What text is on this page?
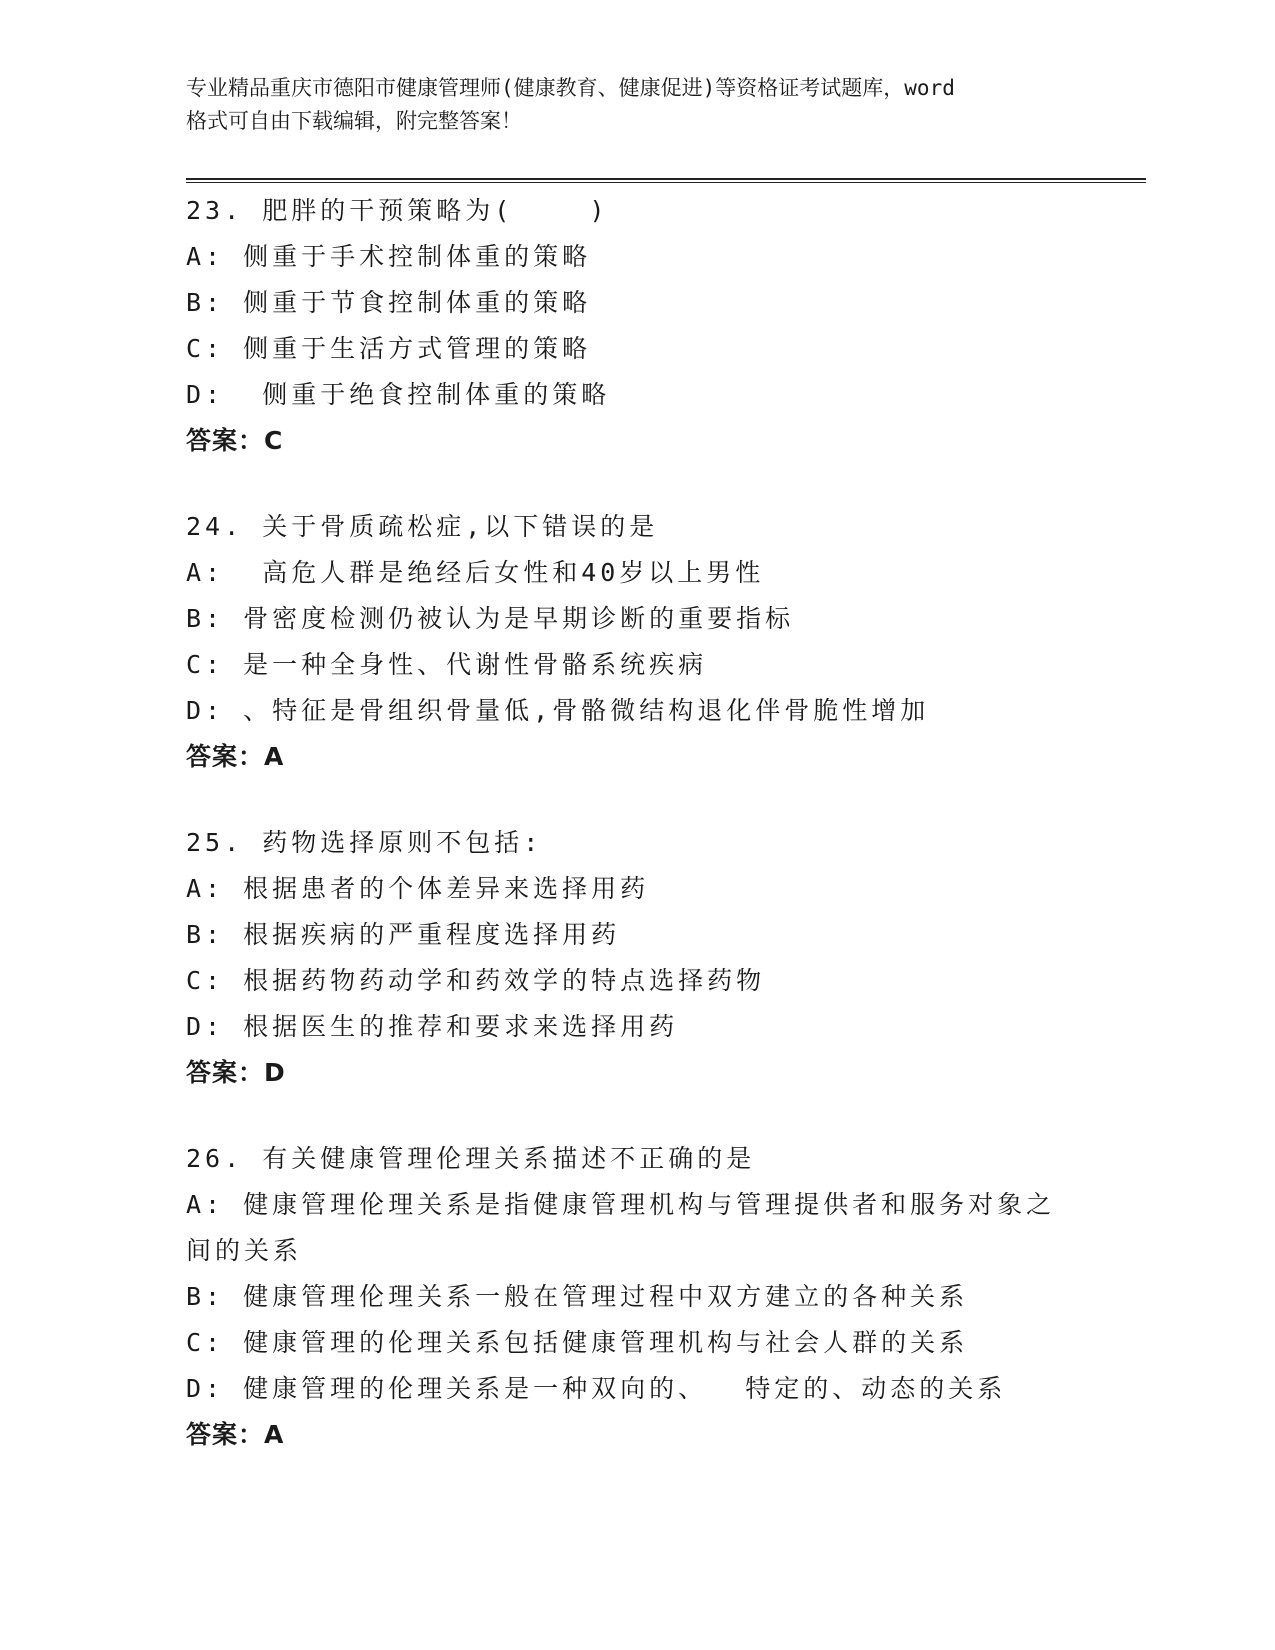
专业精品重庆市德阳市健康管理师(健康教育、健康促进)等资格证考试题库，word
格式可自由下载编辑，附完整答案！
23. 肥胖的干预策略为(    )
A: 侧重于手术控制体重的策略
B: 侧重于节食控制体重的策略
C: 侧重于生活方式管理的策略
D:  侧重于绝食控制体重的策略
答案：C
24. 关于骨质疏松症,以下错误的是
A:  高危人群是绝经后女性和40岁以上男性
B: 骨密度检测仍被认为是早期诊断的重要指标
C: 是一种全身性、代谢性骨骼系统疾病
D: 、特征是骨组织骨量低,骨骼微结构退化伴骨脆性增加
答案：A
25. 药物选择原则不包括:
A: 根据患者的个体差异来选择用药
B: 根据疾病的严重程度选择用药
C: 根据药物药动学和药效学的特点选择药物
D: 根据医生的推荐和要求来选择用药
答案：D
26. 有关健康管理伦理关系描述不正确的是
A: 健康管理伦理关系是指健康管理机构与管理提供者和服务对象之间的关系
B: 健康管理伦理关系一般在管理过程中双方建立的各种关系
C: 健康管理的伦理关系包括健康管理机构与社会人群的关系
D: 健康管理的伦理关系是一种双向的、  特定的、动态的关系
答案：A
